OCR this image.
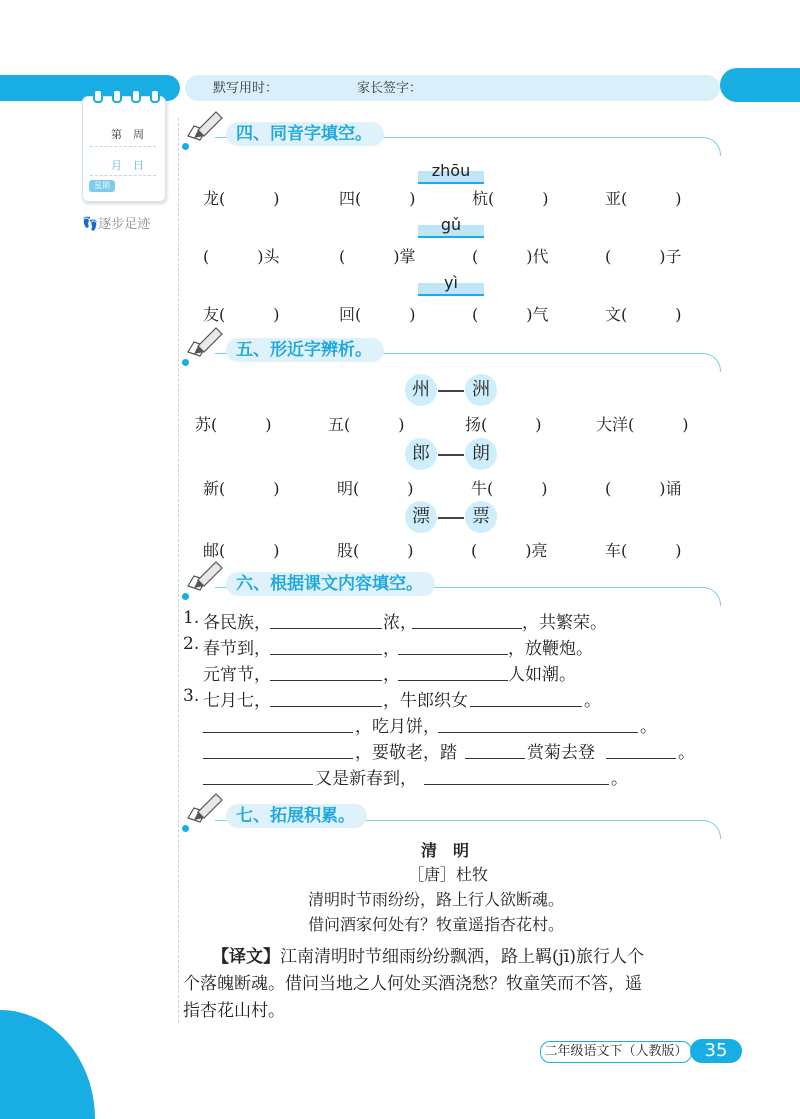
默写用时：	家长签字：
第　周
月　日
星期
👣逐步足迹
四、同音字填空。
zhōu
龙(　　　)	四(　　　)	杭(　　　)	亚(　　　)
gǔ
(　　　)头	(　　　)掌	(　　　)代	(　　　)子
yì
友(　　　)	回(　　　)	(　　　)气	文(　　　)
五、形近字辨析。
州	洲
苏(　　　)	五(　　　)	扬(　　　)	大洋(　　　)
郎	朗
新(　　　)	明(　　　)	牛(　　　)	(　　　)诵
漂	票
邮(　　　)	股(　　　)	(　　　)亮	车(　　　)
六、根据课文内容填空。
1. 各民族，	浓，	，共繁荣。
2. 春节到，	，	，放鞭炮。
元宵节，	，	人如潮。
3. 七月七，	，牛郎织女	。
，吃月饼，	。
，要敬老，踏	赏菊去登	。
又是新春到，	。
七、拓展积累。
清　明
［唐］杜牧
清明时节雨纷纷，路上行人欲断魂。
借问酒家何处有？牧童遥指杏花村。
【译文】江南清明时节细雨纷纷飘洒，路上羁(jī)旅行人个
个落魄断魂。借问当地之人何处买酒浇愁？牧童笑而不答，遥
指杏花山村。
二年级语文下（人教版） 35
